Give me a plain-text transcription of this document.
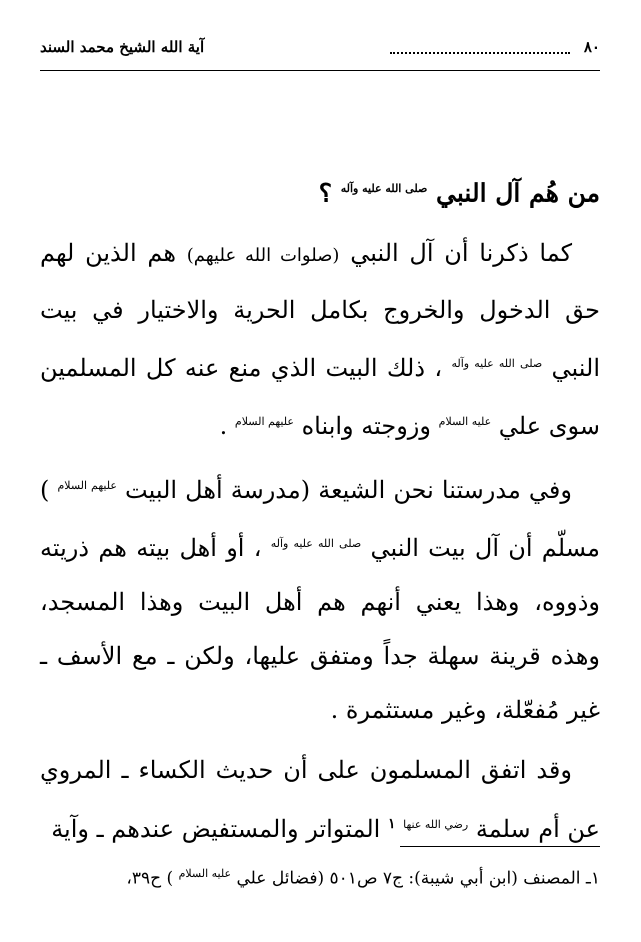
٨٠
آية الله الشيخ محمد السند

من هُم آل النبي $^{صلى الله عليه وآله}$ ؟

كما ذكرنا أن آل النبي (صلوات الله عليهم) هم الذين لهم حق الدخول والخروج بكامل الحرية والاختيار في بيت النبي $^{صلى الله عليه وآله}$ ، ذلك البيت الذي منع عنه كل المسلمين سوى علي $^{عليه السلام}$ وزوجته وابناه $^{عليهم السلام}$ .

وفي مدرستنا نحن الشيعة (مدرسة أهل البيت $^{عليهم السلام}$ ) مسلّم أن آل بيت النبي $^{صلى الله عليه وآله}$ ، أو أهل بيته هم ذريته وذووه، وهذا يعني أنهم هم أهل البيت وهذا المسجد، وهذه قرينة سهلة جداً ومتفق عليها، ولكن ـ مع الأسف ـ غير مُفعّلة، وغير مستثمرة .

وقد اتفق المسلمون على أن حديث الكساء ـ المروي عن أم سلمة $^{رضي الله عنها}$ $^١$ المتواتر والمستفيض عندهم ـ وآية

١ـ المصنف (ابن أبي شيبة): ج٧ ص٥٠١ (فضائل علي $^{عليه السلام}$ ) ح٣٩،
